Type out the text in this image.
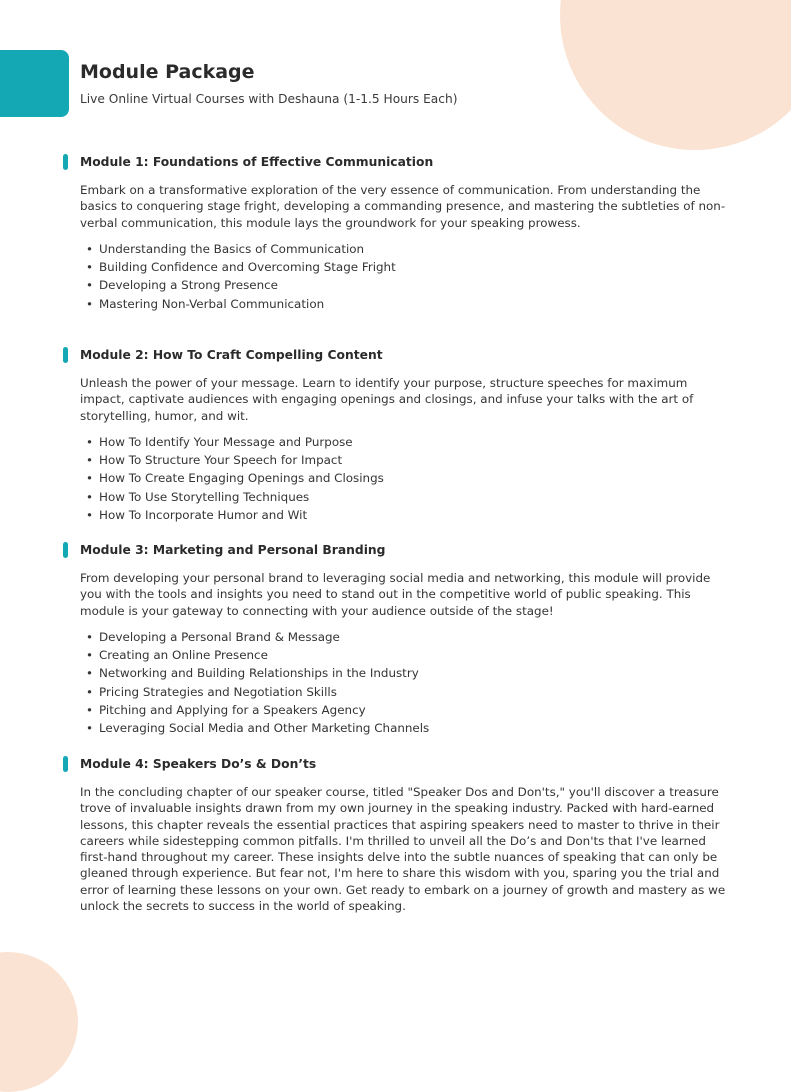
Module Package
Live Online Virtual Courses with Deshauna (1-1.5 Hours Each)
Module 1: Foundations of Effective Communication

Embark on a transformative exploration of the very essence of communication. From understanding the basics to conquering stage fright, developing a commanding presence, and mastering the subtleties of non-verbal communication, this module lays the groundwork for your speaking prowess.

• Understanding the Basics of Communication
• Building Confidence and Overcoming Stage Fright
• Developing a Strong Presence
• Mastering Non-Verbal Communication
Module 2: How To Craft Compelling Content

Unleash the power of your message. Learn to identify your purpose, structure speeches for maximum impact, captivate audiences with engaging openings and closings, and infuse your talks with the art of storytelling, humor, and wit.

• How To Identify Your Message and Purpose
• How To Structure Your Speech for Impact
• How To Create Engaging Openings and Closings
• How To Use Storytelling Techniques
• How To Incorporate Humor and Wit
Module 3: Marketing and Personal Branding

From developing your personal brand to leveraging social media and networking, this module will provide you with the tools and insights you need to stand out in the competitive world of public speaking. This module is your gateway to connecting with your audience outside of the stage!

• Developing a Personal Brand & Message
• Creating an Online Presence
• Networking and Building Relationships in the Industry
• Pricing Strategies and Negotiation Skills
• Pitching and Applying for a Speakers Agency
• Leveraging Social Media and Other Marketing Channels
Module 4: Speakers Do’s & Don’ts

In the concluding chapter of our speaker course, titled "Speaker Dos and Don'ts," you'll discover a treasure trove of invaluable insights drawn from my own journey in the speaking industry. Packed with hard-earned lessons, this chapter reveals the essential practices that aspiring speakers need to master to thrive in their careers while sidestepping common pitfalls. I'm thrilled to unveil all the Do’s and Don'ts that I've learned first-hand throughout my career. These insights delve into the subtle nuances of speaking that can only be gleaned through experience. But fear not, I'm here to share this wisdom with you, sparing you the trial and error of learning these lessons on your own. Get ready to embark on a journey of growth and mastery as we unlock the secrets to success in the world of speaking.
